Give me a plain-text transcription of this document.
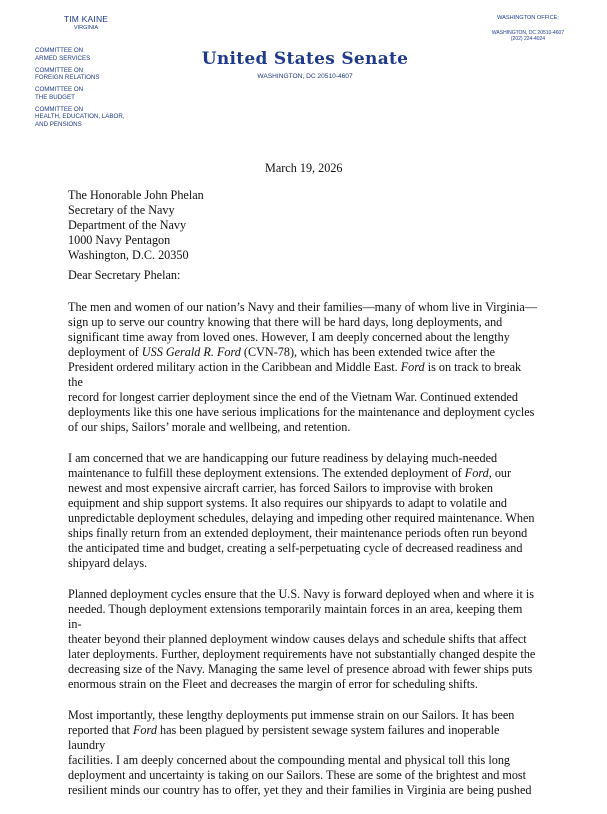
TIM KAINE
VIRGINIA
COMMITTEE ON
ARMED SERVICES
COMMITTEE ON
FOREIGN RELATIONS
COMMITTEE ON
THE BUDGET
COMMITTEE ON
HEALTH, EDUCATION, LABOR,
AND PENSIONS
United States Senate
WASHINGTON, DC 20510-4607
WASHINGTON OFFICE:
WASHINGTON, DC 20510-4607
(202) 224-4024
March 19, 2026
The Honorable John Phelan
Secretary of the Navy
Department of the Navy
1000 Navy Pentagon
Washington, D.C. 20350
Dear Secretary Phelan:

The men and women of our nation’s Navy and their families—many of whom live in Virginia—
sign up to serve our country knowing that there will be hard days, long deployments, and
significant time away from loved ones. However, I am deeply concerned about the lengthy
deployment of USS Gerald R. Ford (CVN-78), which has been extended twice after the
President ordered military action in the Caribbean and Middle East. Ford is on track to break the
record for longest carrier deployment since the end of the Vietnam War. Continued extended
deployments like this one have serious implications for the maintenance and deployment cycles
of our ships, Sailors’ morale and wellbeing, and retention.

I am concerned that we are handicapping our future readiness by delaying much-needed
maintenance to fulfill these deployment extensions. The extended deployment of Ford, our
newest and most expensive aircraft carrier, has forced Sailors to improvise with broken
equipment and ship support systems. It also requires our shipyards to adapt to volatile and
unpredictable deployment schedules, delaying and impeding other required maintenance. When
ships finally return from an extended deployment, their maintenance periods often run beyond
the anticipated time and budget, creating a self-perpetuating cycle of decreased readiness and
shipyard delays.

Planned deployment cycles ensure that the U.S. Navy is forward deployed when and where it is
needed. Though deployment extensions temporarily maintain forces in an area, keeping them in-
theater beyond their planned deployment window causes delays and schedule shifts that affect
later deployments. Further, deployment requirements have not substantially changed despite the
decreasing size of the Navy. Managing the same level of presence abroad with fewer ships puts
enormous strain on the Fleet and decreases the margin of error for scheduling shifts.

Most importantly, these lengthy deployments put immense strain on our Sailors. It has been
reported that Ford has been plagued by persistent sewage system failures and inoperable laundry
facilities. I am deeply concerned about the compounding mental and physical toll this long
deployment and uncertainty is taking on our Sailors. These are some of the brightest and most
resilient minds our country has to offer, yet they and their families in Virginia are being pushed
